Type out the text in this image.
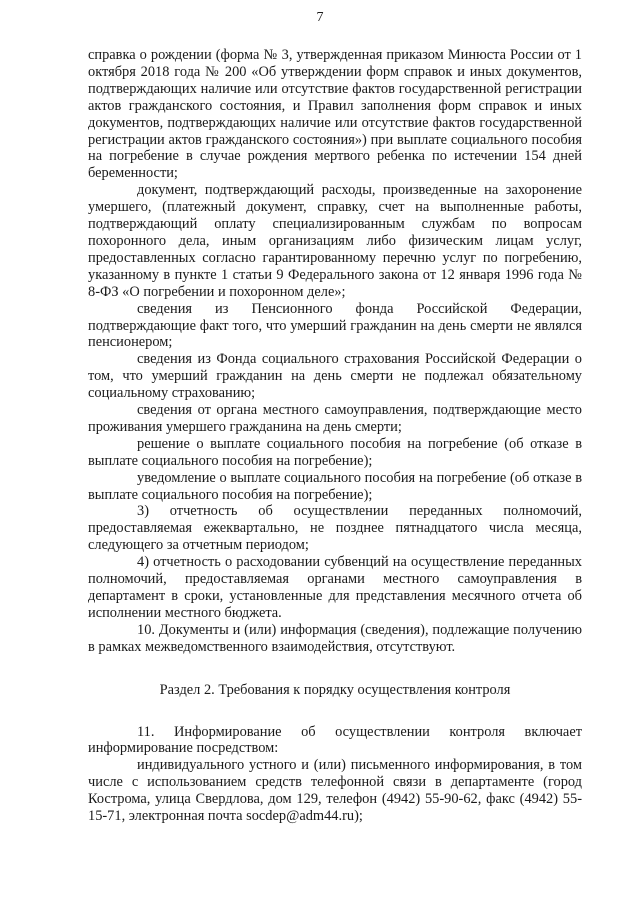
7

справка о рождении (форма № 3, утвержденная приказом Минюста России от 1 октября 2018 года № 200 «Об утверждении форм справок и иных документов, подтверждающих наличие или отсутствие фактов государственной регистрации актов гражданского состояния, и Правил заполнения форм справок и иных документов, подтверждающих наличие или отсутствие фактов государственной регистрации актов гражданского состояния») при выплате социального пособия на погребение в случае рождения мертвого ребенка по истечении 154 дней беременности;

документ, подтверждающий расходы, произведенные на захоронение умершего, (платежный документ, справку, счет на выполненные работы, подтверждающий оплату специализированным службам по вопросам похоронного дела, иным организациям либо физическим лицам услуг, предоставленных согласно гарантированному перечню услуг по погребению, указанному в пункте 1 статьи 9 Федерального закона от 12 января 1996 года № 8-ФЗ «О погребении и похоронном деле»;

сведения из Пенсионного фонда Российской Федерации, подтверждающие факт того, что умерший гражданин на день смерти не являлся пенсионером;

сведения из Фонда социального страхования Российской Федерации о том, что умерший гражданин на день смерти не подлежал обязательному социальному страхованию;

сведения от органа местного самоуправления, подтверждающие место проживания умершего гражданина на день смерти;

решение о выплате социального пособия на погребение (об отказе в выплате социального пособия на погребение);

уведомление о выплате социального пособия на погребение (об отказе в выплате социального пособия на погребение);

3) отчетность об осуществлении переданных полномочий, предоставляемая ежеквартально, не позднее пятнадцатого числа месяца, следующего за отчетным периодом;

4) отчетность о расходовании субвенций на осуществление переданных полномочий, предоставляемая органами местного самоуправления в департамент в сроки, установленные для представления месячного отчета об исполнении местного бюджета.

10. Документы и (или) информация (сведения), подлежащие получению в рамках межведомственного взаимодействия, отсутствуют.

Раздел 2. Требования к порядку осуществления контроля

11. Информирование об осуществлении контроля включает информирование посредством:

индивидуального устного и (или) письменного информирования, в том числе с использованием средств телефонной связи в департаменте (город Кострома, улица Свердлова, дом 129, телефон (4942) 55-90-62, факс (4942) 55-15-71, электронная почта socdep@adm44.ru);
